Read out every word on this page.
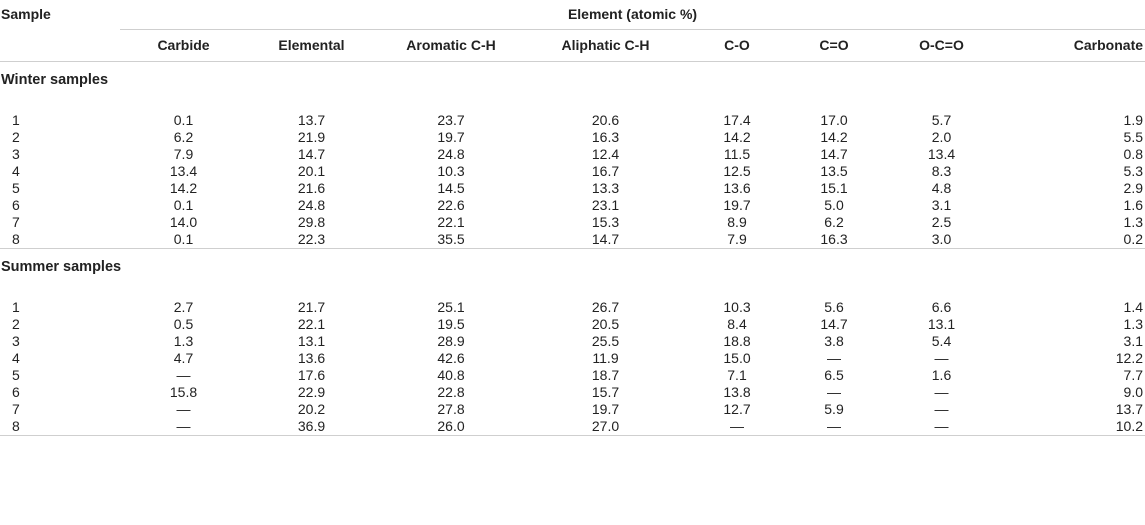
Sample	Element (atomic %)							
	Carbide	Elemental	Aromatic C-H	Aliphatic C-H	C-O	C=O	O-C=O	Carbonate
Winter samples								

1	0.1	13.7	23.7	20.6	17.4	17.0	5.7	1.9
2	6.2	21.9	19.7	16.3	14.2	14.2	2.0	5.5
3	7.9	14.7	24.8	12.4	11.5	14.7	13.4	0.8
4	13.4	20.1	10.3	16.7	12.5	13.5	8.3	5.3
5	14.2	21.6	14.5	13.3	13.6	15.1	4.8	2.9
6	0.1	24.8	22.6	23.1	19.7	5.0	3.1	1.6
7	14.0	29.8	22.1	15.3	8.9	6.2	2.5	1.3
8	0.1	22.3	35.5	14.7	7.9	16.3	3.0	0.2
Summer samples								

1	2.7	21.7	25.1	26.7	10.3	5.6	6.6	1.4
2	0.5	22.1	19.5	20.5	8.4	14.7	13.1	1.3
3	1.3	13.1	28.9	25.5	18.8	3.8	5.4	3.1
4	4.7	13.6	42.6	11.9	15.0	—	—	12.2
5	—	17.6	40.8	18.7	7.1	6.5	1.6	7.7
6	15.8	22.9	22.8	15.7	13.8	—	—	9.0
7	—	20.2	27.8	19.7	12.7	5.9	—	13.7
8	—	36.9	26.0	27.0	—	—	—	10.2
